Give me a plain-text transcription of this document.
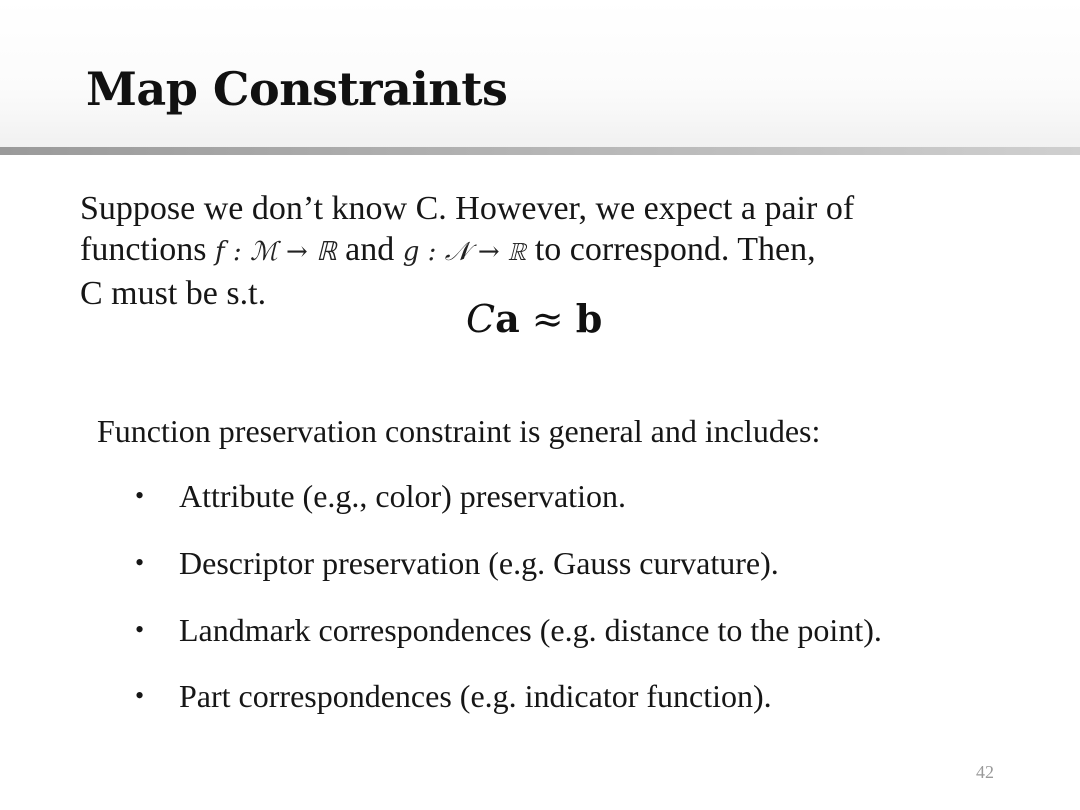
Map Constraints
Suppose we don’t know C. However, we expect a pair of
functions f : ℳ → ℝ and g : 𝒩 → ℝ to correspond. Then,
C must be s.t.
Ca ≈ b
Function preservation constraint is general and includes:
• Attribute (e.g., color) preservation.
• Descriptor preservation (e.g. Gauss curvature).
• Landmark correspondences (e.g. distance to the point).
• Part correspondences (e.g. indicator function).
42
